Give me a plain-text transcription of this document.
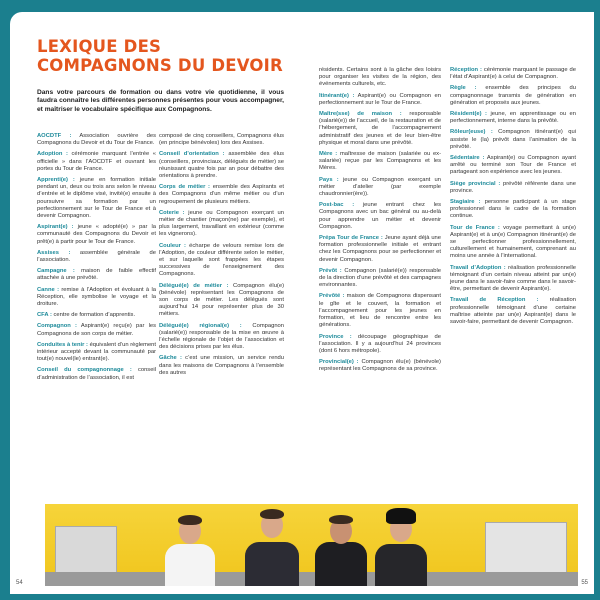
LEXIQUE DES
COMPAGNONS DU DEVOIR

Dans votre parcours de formation ou dans votre vie quotidienne, il vous faudra connaître les différentes personnes présentes pour vous accompagner, et maîtriser le vocabulaire spécifique aux Compagnons.

AOCDTF : Association ouvrière des Compagnons du Devoir et du Tour de France.

Adoption : cérémonie marquant l’entrée « officielle » dans l’AOCDTF et ouvrant les portes du Tour de France.

Apprenti(e) : jeune en formation initiale pendant un, deux ou trois ans selon le niveau d’entrée et le diplôme visé, invité(e) ensuite à poursuivre sa formation par un perfectionnement sur le Tour de France et à devenir Compagnon.

Aspirant(e) : jeune « adopté(e) » par la communauté des Compagnons du Devoir et prêt(e) à partir pour le Tour de France.

Assises : assemblée générale de l’association.

Campagne : maison de faible effectif attachée à une prévôté.

Canne : remise à l’Adoption et évoluant à la Réception, elle symbolise le voyage et la droiture.

CFA : centre de formation d’apprentis.

Compagnon : Aspirant(e) reçu(e) par les Compagnons de son corps de métier.

Conduites à tenir : équivalent d’un règlement intérieur accepté devant la communauté par tout(e) nouvel(le) entrant(e).

Conseil du compagnonnage : conseil d’administration de l’association, il est

composé de cinq conseillers, Compagnons élus (en principe bénévoles) lors des Assises.

Conseil d’orientation : assemblée des élus (conseillers, provinciaux, délégués de métier) se réunissant quatre fois par an pour débattre des orientations à prendre.

Corps de métier : ensemble des Aspirants et des Compagnons d’un même métier ou d’un regroupement de plusieurs métiers.

Coterie : jeune ou Compagnon exerçant un métier de chantier (maçon(ne) par exemple), et plus largement, travaillant en extérieur (comme les vignerons).

Couleur : écharpe de velours remise lors de l’Adoption, de couleur différente selon le métier, et sur laquelle sont frappées les étapes successives de l’enseignement des Compagnons.

Délégué(e) de métier : Compagnon élu(e) (bénévole) représentant les Compagnons de son corps de métier. Les délégués sont aujourd’hui 14 pour représenter plus de 30 métiers.

Délégué(e) régional(e) : Compagnon (salarié(e)) responsable de la mise en œuvre à l’échelle régionale de l’objet de l’association et des décisions prises par les élus.

Gâche : c’est une mission, un service rendu dans les maisons de Compagnons à l’ensemble des autres

résidents. Certains sont à la gâche des loisirs pour organiser les visites de la région, des événements culturels, etc.

Itinérant(e) : Aspirant(e) ou Compagnon en perfectionnement sur le Tour de France.

Maître(sse) de maison : responsable (salarié(e)) de l’accueil, de la restauration et de l’hébergement, de l’accompagnement administratif des jeunes et de leur bien-être physique et moral dans une prévôté.

Mère : maîtresse de maison (salariée ou ex-salariée) reçue par les Compagnons et les Mères.

Pays : jeune ou Compagnon exerçant un métier d’atelier (par exemple chaudronnier(ère)).

Post-bac : jeune entrant chez les Compagnons avec un bac général ou au-delà pour apprendre un métier et devenir Compagnon.

Prépa Tour de France : Jeune ayant déjà une formation professionnelle initiale et entrant chez les Compagnons pour se perfectionner et devenir Compagnon.

Prévôt : Compagnon (salarié(e)) responsable de la direction d’une prévôté et des campagnes environnantes.

Prévôté : maison de Compagnons dispensant le gîte et le couvert, la formation et l’accompagnement pour les jeunes en formation, et lieu de rencontre entre les générations.

Province : découpage géographique de l’association. Il y a aujourd’hui 24 provinces (dont 6 hors métropole).

Provincial(e) : Compagnon élu(e) (bénévole) représentant les Compagnons de sa province.

Réception : cérémonie marquant le passage de l’état d’Aspirant(e) à celui de Compagnon.

Règle : ensemble des principes du compagnonnage transmis de génération en génération et proposés aux jeunes.

Résident(e) : jeune, en apprentissage ou en perfectionnement, interne dans la prévôté.

Rôleur(euse) : Compagnon itinérant(e) qui assiste le (la) prévôt dans l’animation de la prévôté.

Sédentaire : Aspirant(e) ou Compagnon ayant arrêté ou terminé son Tour de France et partageant son expérience avec les jeunes.

Siège provincial : prévôté référente dans une province.

Stagiaire : personne participant à un stage professionnel dans le cadre de la formation continue.

Tour de France : voyage permettant à un(e) Aspirant(e) et à un(e) Compagnon itinérant(e) de se perfectionner professionnellement, culturellement et humainement, comprenant au moins une année à l’international.

Travail d’Adoption : réalisation professionnelle témoignant d’un certain niveau atteint par un(e) jeune dans le savoir-faire comme dans le savoir-être, permettant de devenir Aspirant(e).

Travail de Réception : réalisation professionnelle témoignant d’une certaine maîtrise atteinte par un(e) Aspirant(e) dans le savoir-faire, permettant de devenir Compagnon.

54	55
